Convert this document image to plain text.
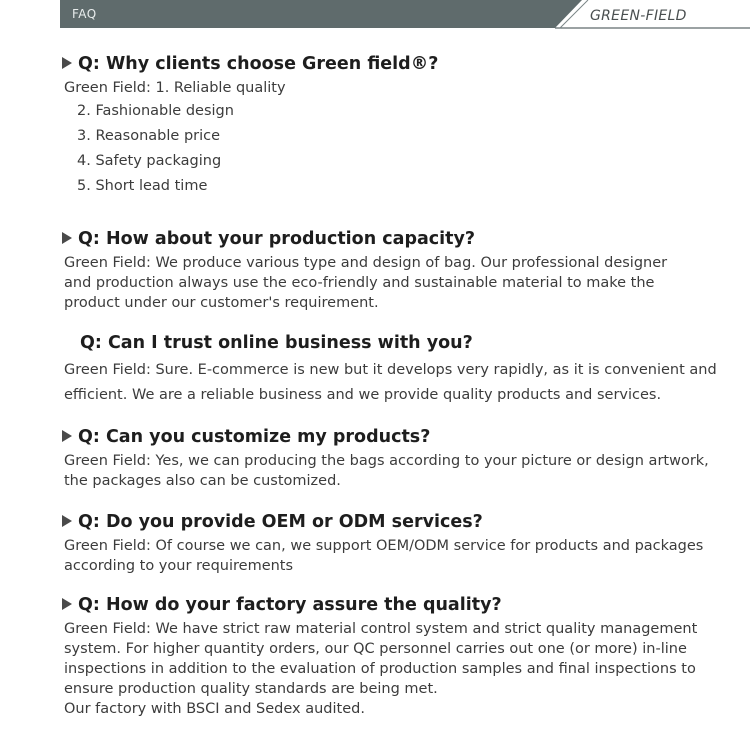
FAQ	GREEN-FIELD
Q: Why clients choose Green field®?

Green Field: 1. Reliable quality

2. Fashionable design
3. Reasonable price
4. Safety packaging
5. Short lead time
Q: How about your production capacity?

Green Field: We produce various type and design of bag. Our professional designer

and production always use the eco-friendly and sustainable material to make the

product under our customer's requirement.

Q: Can I trust online business with you?

Green Field: Sure. E-commerce is new but it develops very rapidly, as it is convenient and

efficient. We are a reliable business and we provide quality products and services.

Q: Can you customize my products?

Green Field: Yes, we can producing the bags according to your picture or design artwork,

the packages also can be customized.

Q: Do you provide OEM or ODM services?

Green Field: Of course we can, we support OEM/ODM service for products and packages

according to your requirements

Q: How do your factory assure the quality?

Green Field: We have strict raw material control system and strict quality management

system. For higher quantity orders, our QC personnel carries out one (or more) in-line

inspections in addition to the evaluation of production samples and final inspections to

ensure production quality standards are being met.

Our factory with BSCI and Sedex audited.
